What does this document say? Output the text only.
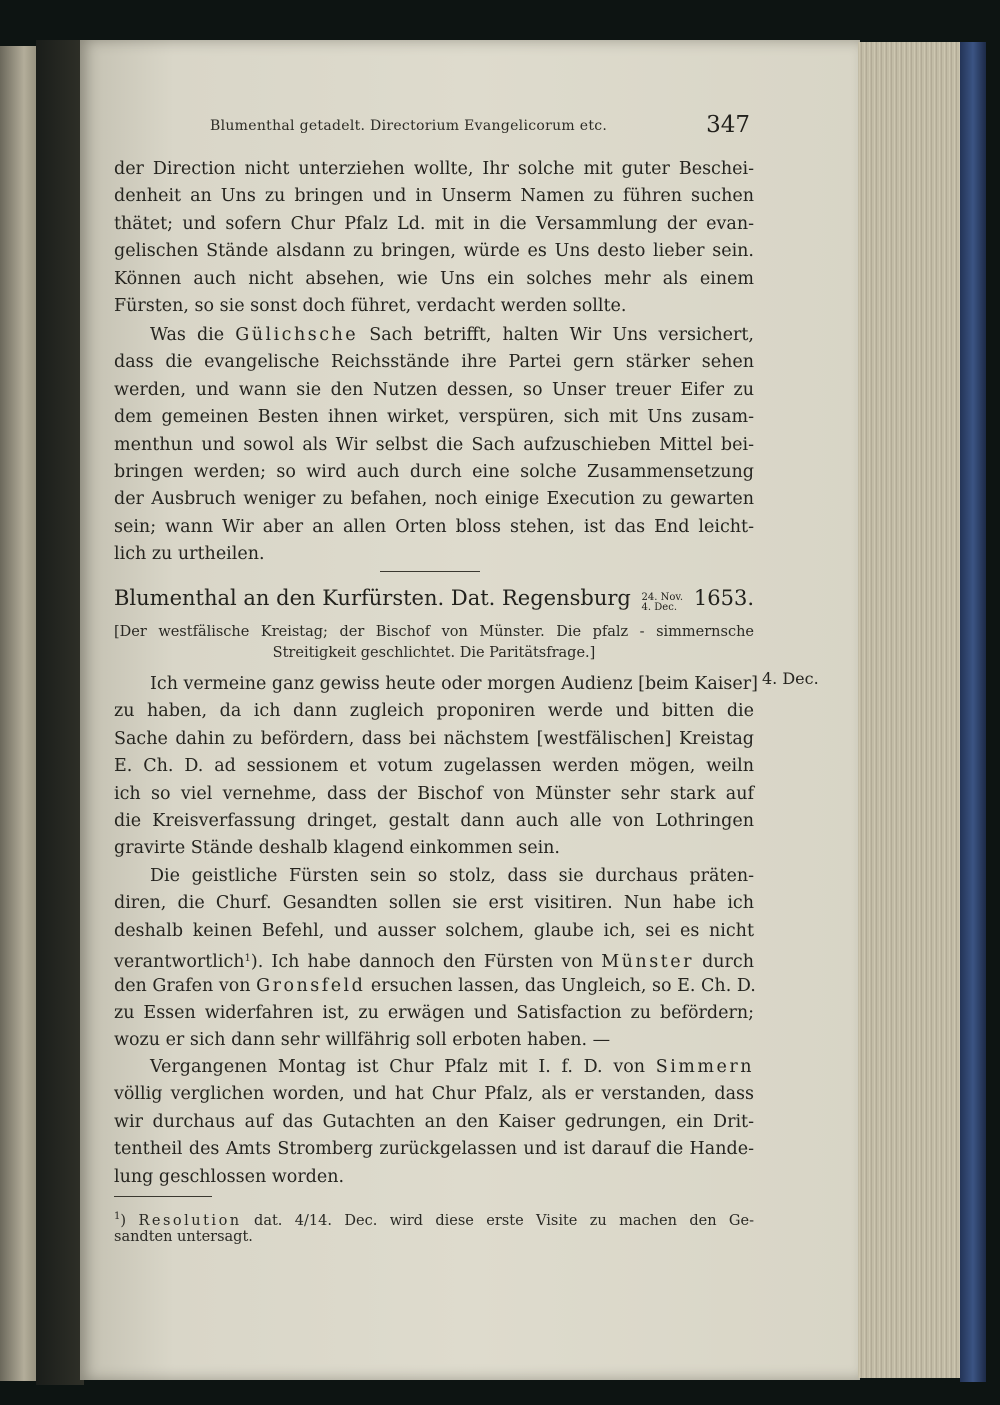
Blumenthal getadelt. Directorium Evangelicorum etc.	347
der Direction nicht unterziehen wollte, Ihr solche mit guter Beschei-
denheit an Uns zu bringen und in Unserm Namen zu führen suchen
thätet; und sofern Chur Pfalz Ld. mit in die Versammlung der evan-
gelischen Stände alsdann zu bringen, würde es Uns desto lieber sein.
Können auch nicht absehen, wie Uns ein solches mehr als einem
Fürsten, so sie sonst doch führet, verdacht werden sollte.
Was die Gülichsche Sach betrifft, halten Wir Uns versichert,
dass die evangelische Reichsstände ihre Partei gern stärker sehen
werden, und wann sie den Nutzen dessen, so Unser treuer Eifer zu
dem gemeinen Besten ihnen wirket, verspüren, sich mit Uns zusam-
menthun und sowol als Wir selbst die Sach aufzuschieben Mittel bei-
bringen werden; so wird auch durch eine solche Zusammensetzung
der Ausbruch weniger zu befahen, noch einige Execution zu gewarten
sein; wann Wir aber an allen Orten bloss stehen, ist das End leicht-
lich zu urtheilen.
Blumenthal an den Kurfürsten. Dat. Regensburg 24. Nov.
4. Dec. 1653.
[Der westfälische Kreistag; der Bischof von Münster. Die pfalz - simmernsche
Streitigkeit geschlichtet. Die Paritätsfrage.]
4. Dec.
Ich vermeine ganz gewiss heute oder morgen Audienz [beim Kaiser]
zu haben, da ich dann zugleich proponiren werde und bitten die
Sache dahin zu befördern, dass bei nächstem [westfälischen] Kreistag
E. Ch. D. ad sessionem et votum zugelassen werden mögen, weiln
ich so viel vernehme, dass der Bischof von Münster sehr stark auf
die Kreisverfassung dringet, gestalt dann auch alle von Lothringen
gravirte Stände deshalb klagend einkommen sein.
Die geistliche Fürsten sein so stolz, dass sie durchaus präten-
diren, die Churf. Gesandten sollen sie erst visitiren. Nun habe ich
deshalb keinen Befehl, und ausser solchem, glaube ich, sei es nicht
verantwortlich$^1$). Ich habe dannoch den Fürsten von Münster durch
den Grafen von Gronsfeld ersuchen lassen, das Ungleich, so E. Ch. D.
zu Essen widerfahren ist, zu erwägen und Satisfaction zu befördern;
wozu er sich dann sehr willfährig soll erboten haben. —
Vergangenen Montag ist Chur Pfalz mit I. f. D. von Simmern
völlig verglichen worden, und hat Chur Pfalz, als er verstanden, dass
wir durchaus auf das Gutachten an den Kaiser gedrungen, ein Drit-
tentheil des Amts Stromberg zurückgelassen und ist darauf die Hande-
lung geschlossen worden.
$^1$) Resolution dat. 4/14. Dec. wird diese erste Visite zu machen den Ge-
sandten untersagt.
